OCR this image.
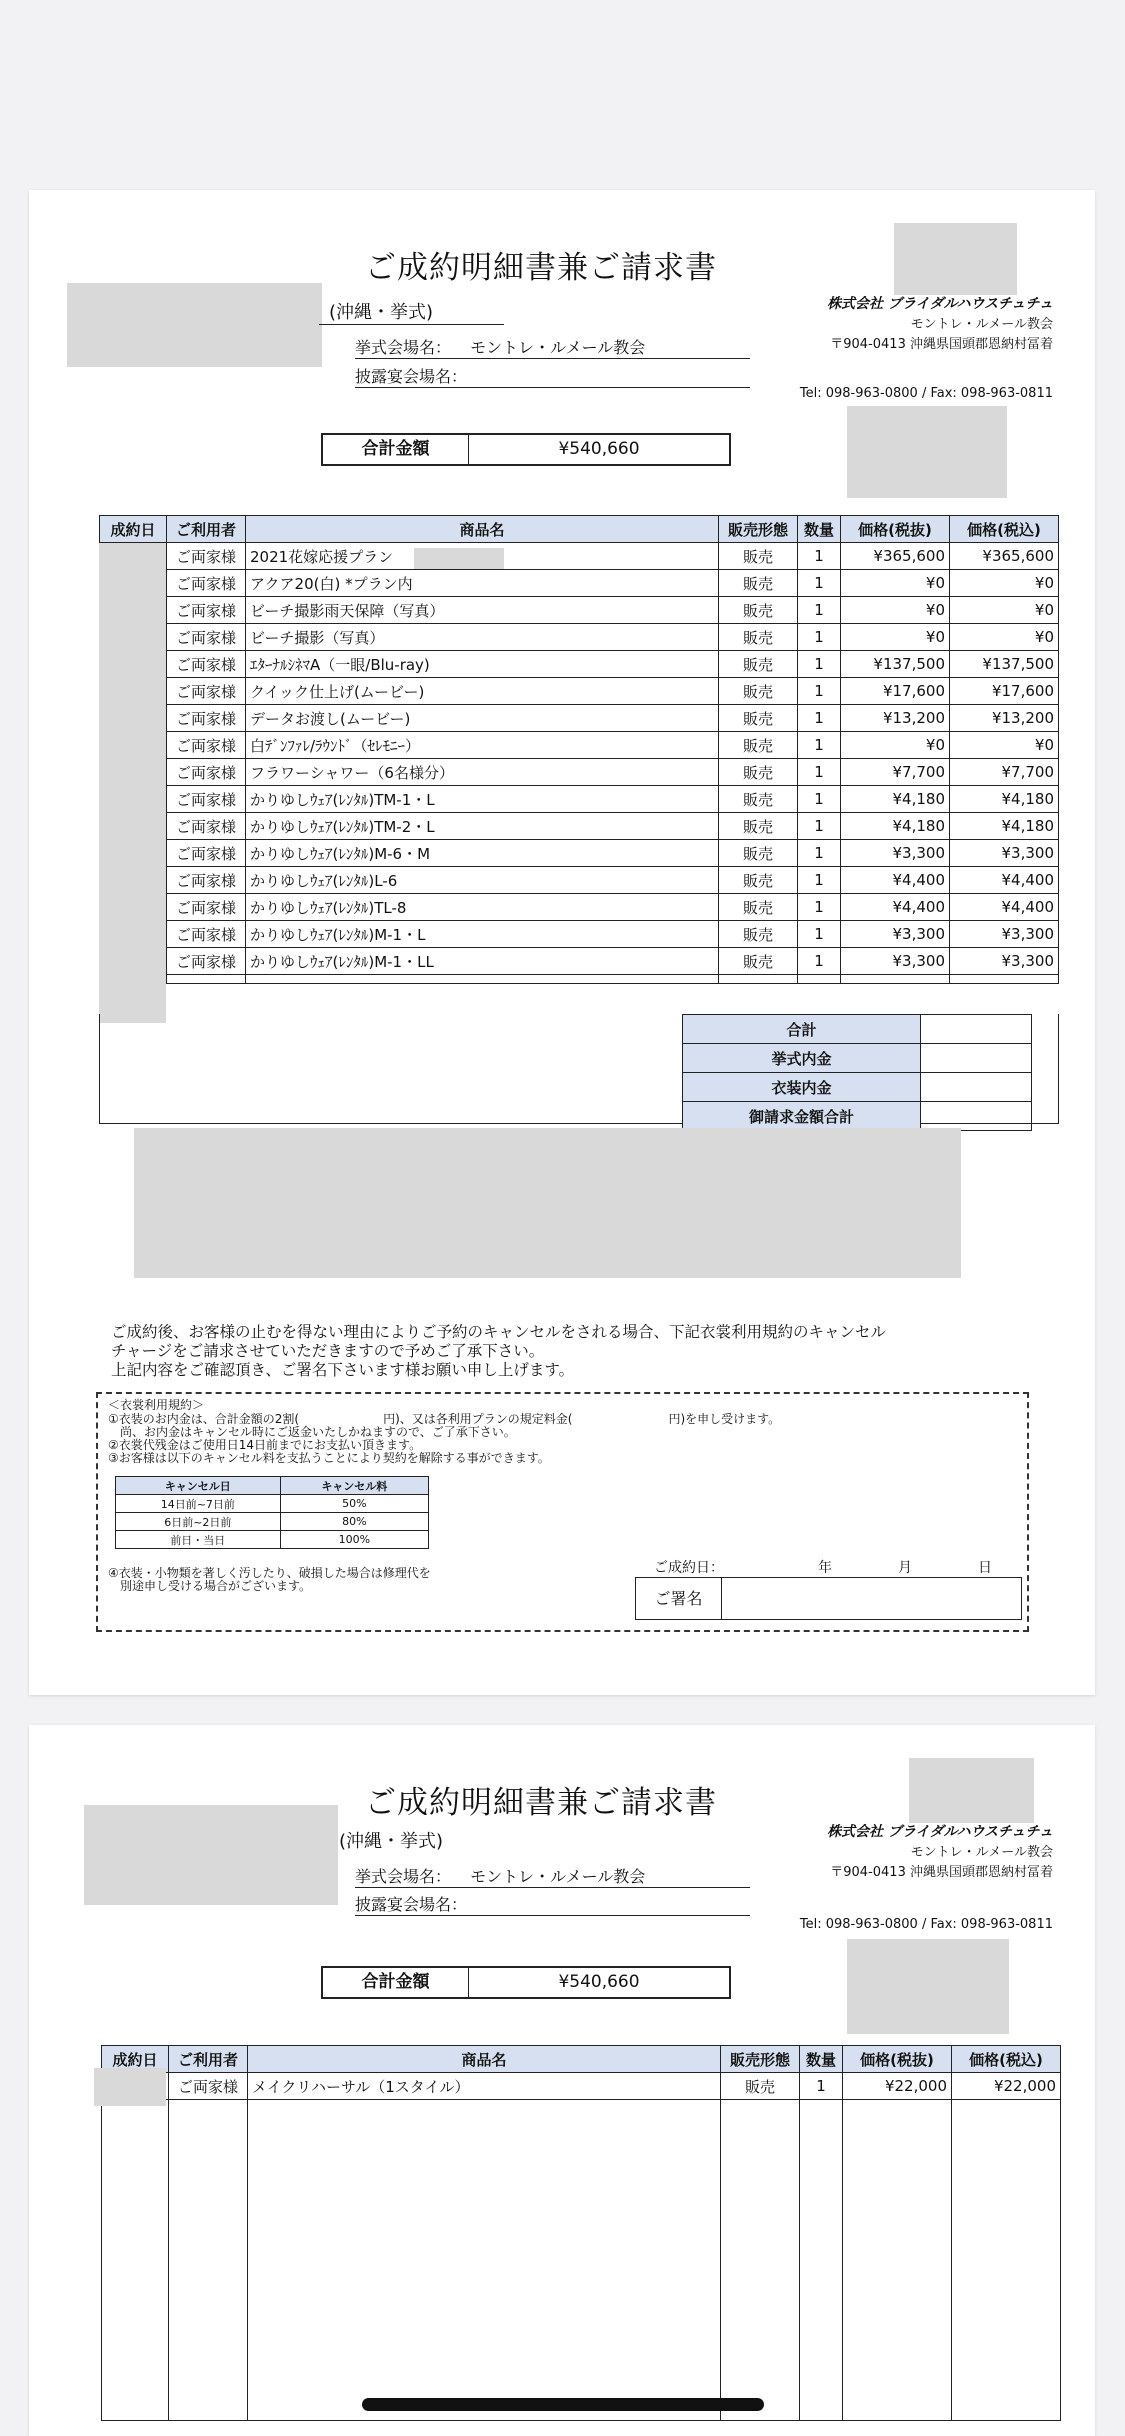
ご成約明細書兼ご請求書
(沖縄・挙式)
挙式会場名： モントレ・ルメール教会
披露宴会場名：
株式会社 ブライダルハウスチュチュ
モントレ・ルメール教会
〒904-0413 沖縄県国頭郡恩納村冨着
Tel: 098-963-0800 / Fax: 098-963-0811
合計金額	¥540,660
成約日	ご利用者	商品名	販売形態	数量	価格(税抜)	価格(税込)
	ご両家様	2021花嫁応援プラン	販売	1	¥365,600	¥365,600
	ご両家様	アクア20(白) *プラン内	販売	1	¥0	¥0
	ご両家様	ビーチ撮影雨天保障（写真）	販売	1	¥0	¥0
	ご両家様	ビーチ撮影（写真）	販売	1	¥0	¥0
	ご両家様	ｴﾀｰﾅﾙｼﾈﾏA（一眼/Blu-ray)	販売	1	¥137,500	¥137,500
	ご両家様	クイック仕上げ(ムービー)	販売	1	¥17,600	¥17,600
	ご両家様	データお渡し(ムービー)	販売	1	¥13,200	¥13,200
	ご両家様	白ﾃﾞﾝﾌｧﾚ/ﾗｳﾝﾄﾞ（ｾﾚﾓﾆｰ）	販売	1	¥0	¥0
	ご両家様	フラワーシャワー（6名様分）	販売	1	¥7,700	¥7,700
	ご両家様	かりゆしｳｪｱ(ﾚﾝﾀﾙ)TM-1・L	販売	1	¥4,180	¥4,180
	ご両家様	かりゆしｳｪｱ(ﾚﾝﾀﾙ)TM-2・L	販売	1	¥4,180	¥4,180
	ご両家様	かりゆしｳｪｱ(ﾚﾝﾀﾙ)M-6・M	販売	1	¥3,300	¥3,300
	ご両家様	かりゆしｳｪｱ(ﾚﾝﾀﾙ)L-6	販売	1	¥4,400	¥4,400
	ご両家様	かりゆしｳｪｱ(ﾚﾝﾀﾙ)TL-8	販売	1	¥4,400	¥4,400
	ご両家様	かりゆしｳｪｱ(ﾚﾝﾀﾙ)M-1・L	販売	1	¥3,300	¥3,300
	ご両家様	かりゆしｳｪｱ(ﾚﾝﾀﾙ)M-1・LL	販売	1	¥3,300	¥3,300

合計	
挙式内金	
衣装内金	
御請求金額合計	
ご成約後、お客様の止むを得ない理由によりご予約のキャンセルをされる場合、下記衣裳利用規約のキャンセル
チャージをご請求させていただきますので予めご了承下さい。
上記内容をご確認頂き、ご署名下さいます様お願い申し上げます。
＜衣裳利用規約＞
①衣装のお内金は、合計金額の2割(　　　　　　　円)、又は各利用プランの規定料金(　　　　　　　　円)を申し受けます。
　尚、お内金はキャンセル時にご返金いたしかねますので、ご了承下さい。
②衣裳代残金はご使用日14日前までにお支払い頂きます。
③お客様は以下のキャンセル料を支払うことにより契約を解除する事ができます。
キャンセル日	キャンセル料
14日前~7日前	50%
6日前~2日前	80%
前日・当日	100%
④衣装・小物類を著しく汚したり、破損した場合は修理代を
　別途申し受ける場合がございます。
ご成約日：	年	月	日
ご署名
ご成約明細書兼ご請求書
(沖縄・挙式)
挙式会場名： モントレ・ルメール教会
披露宴会場名：
株式会社 ブライダルハウスチュチュ
モントレ・ルメール教会
〒904-0413 沖縄県国頭郡恩納村冨着
Tel: 098-963-0800 / Fax: 098-963-0811
合計金額	¥540,660
成約日	ご利用者	商品名	販売形態	数量	価格(税抜)	価格(税込)
	ご両家様	メイクリハーサル（1スタイル）	販売	1	¥22,000	¥22,000
